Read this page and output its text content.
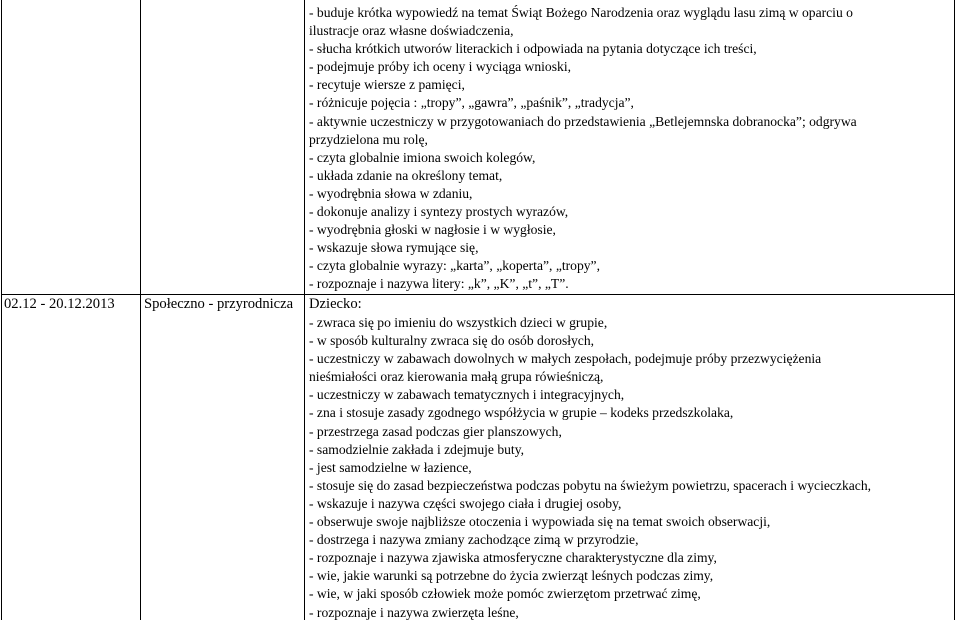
- buduje krótka wypowiedź na temat Świąt Bożego Narodzenia oraz wyglądu lasu zimą w oparciu o
ilustracje oraz własne doświadczenia,
- słucha krótkich utworów literackich i odpowiada na pytania dotyczące ich treści,
- podejmuje próby ich oceny i wyciąga wnioski,
- recytuje wiersze z pamięci,
- różnicuje pojęcia : „tropy”, „gawra”, „paśnik”, „tradycja”,
- aktywnie uczestniczy w przygotowaniach do przedstawienia „Betlejemnska dobranocka”; odgrywa
przydzielona mu rolę,
- czyta globalnie imiona swoich kolegów,
- układa zdanie na określony temat,
- wyodrębnia słowa w zdaniu,
- dokonuje analizy i syntezy prostych wyrazów,
- wyodrębnia głoski w nagłosie i w wygłosie,
- wskazuje słowa rymujące się,
- czyta globalnie wyrazy: „karta”, „koperta”, „tropy”,
- rozpoznaje i nazywa litery: „k”, „K”, „t”, „T”.
02.12 - 20.12.2013 Społeczno - przyrodnicza Dziecko:
- zwraca się po imieniu do wszystkich dzieci w grupie,
- w sposób kulturalny zwraca się do osób dorosłych,
- uczestniczy w zabawach dowolnych w małych zespołach, podejmuje próby przezwyciężenia
nieśmiałości oraz kierowania małą grupa rówieśniczą,
- uczestniczy w zabawach tematycznych i integracyjnych,
- zna i stosuje zasady zgodnego współżycia w grupie – kodeks przedszkolaka,
- przestrzega zasad podczas gier planszowych,
- samodzielnie zakłada i zdejmuje buty,
- jest samodzielne w łazience,
- stosuje się do zasad bezpieczeństwa podczas pobytu na świeżym powietrzu, spacerach i wycieczkach,
- wskazuje i nazywa części swojego ciała i drugiej osoby,
- obserwuje swoje najbliższe otoczenia i wypowiada się na temat swoich obserwacji,
- dostrzega i nazywa zmiany zachodzące zimą w przyrodzie,
- rozpoznaje i nazywa zjawiska atmosferyczne charakterystyczne dla zimy,
- wie, jakie warunki są potrzebne do życia zwierząt leśnych podczas zimy,
- wie, w jaki sposób człowiek może pomóc zwierzętom przetrwać zimę,
- rozpoznaje i nazywa zwierzęta leśne,
